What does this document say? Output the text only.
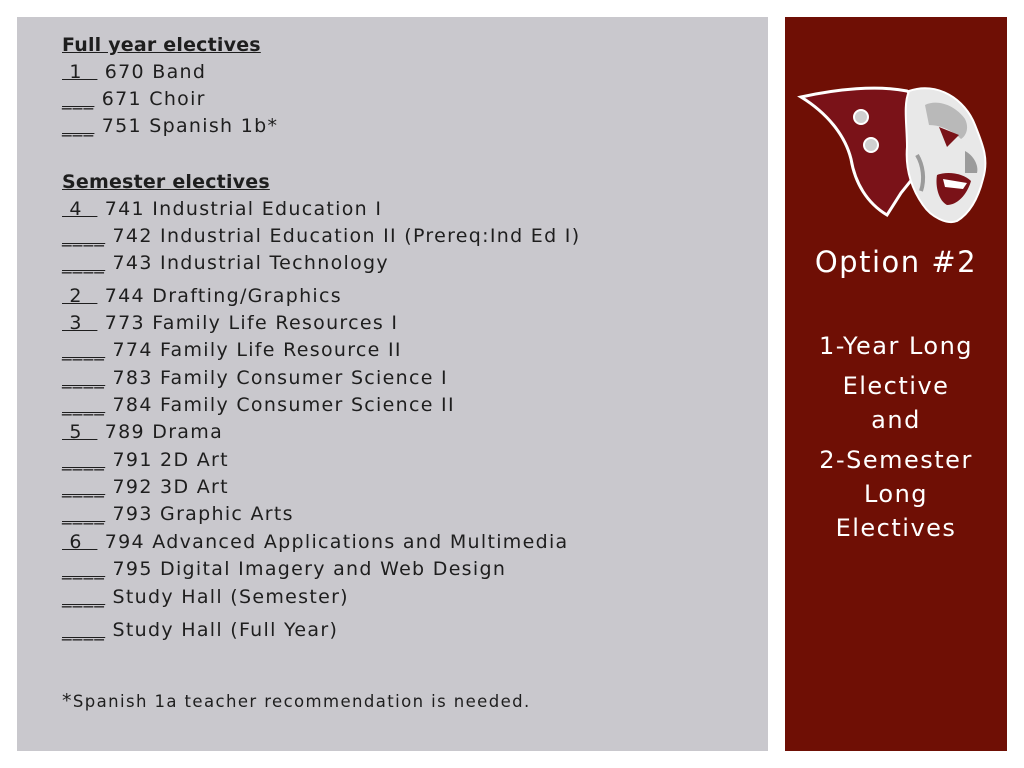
Full year electives
1   670 Band
___ 671 Choir
___ 751 Spanish 1b*
Semester electives
4   741 Industrial Education I
____ 742 Industrial Education II (Prereq:Ind Ed I)
____ 743 Industrial Technology
2   744 Drafting/Graphics
3   773 Family Life Resources I
____ 774 Family Life Resource II
____ 783 Family Consumer Science I
____ 784 Family Consumer Science II
5   789 Drama
____ 791 2D Art
____ 792 3D Art
____ 793 Graphic Arts
6   794 Advanced Applications and Multimedia
____ 795 Digital Imagery and Web Design
____ Study Hall (Semester)
____ Study Hall (Full Year)
*Spanish 1a teacher recommendation is needed.
Option #2
1-Year Long
Elective
and
2-Semester
Long
Electives
